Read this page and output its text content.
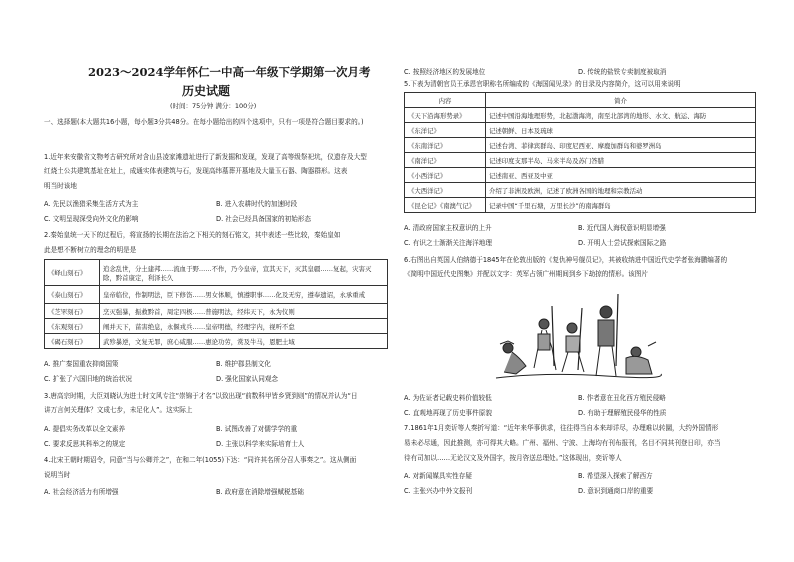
2023～2024学年怀仁一中高一年级下学期第一次月考
历史试题
(时间：75分钟 满分：100分)
一、选择题(本大题共16小题，每小题3分共48分。在每小题给出的四个选项中，只有一项是符合题目要求的。)
1.近年来安徽省文物考古研究所对含山县凌家滩遗址进行了新发掘和发现，发现了高等级祭祀坑，仪遗存及大型
红烧土公共建筑基址在址上，成通实体表建筑与石，发现高纬墓葬开墓地及大量玉石器、陶器群形。这表
明当时该地
A. 先民以渔猎采集生活方式为主	B. 进入农耕时代的加速时段
C. 文明呈现深受向外文化的影响	D. 社会已经具备国家的初始形态
2.秦始皇统一天下的过程后，将宣扬的长期在法治之下相关的刻石铭文，其中表述一些比较，秦始皇如
此是想不断树立的理念的明是是
《峄山刻石》	追念乱世，分土建邦……流血于野……不作，乃今皇帝，宣其天下，灭其皇疆……复起，灾害灭除，黔首康定，利泽长久
《泰山刻石》	皇帝临位，作制明法，臣下修饬……男女体顺，慎遵职事……化及无穷，遵奉遗诏，永承重戒
《芝罘刻石》	烹灭强暴，振救黔首，周定四极……普施明法，经纬天下，永为仪则
《东观刻石》	阐并天下，菑害绝息，永偃戎兵……皇帝明德，经理宇内，视听不怠
《碣石刻石》	武殄暴逆，文复无罪，庶心咸服……惠论功劳，赏及牛马，恩肥土域
A. 推广秦国重农抑商国策	B. 维护郡县制文化
C. 扩张了六国旧地的统治状况	D. 强化国家认同观念
3.唐高宗时期，大臣刘晓认为进士时文风专注“崇锦于才名”以致出现“前数科甲皆乡贤到则”的情况并认为“日
讲万言何关理体？文成七步，未足化人”。这实际上
A. 提倡实务改革以全文素养	B. 试图改善了对儒学学的重
C. 要求反思其科举之的规定	D. 主张以科学来实际培育士人
4.北宋王朝时期诏令，同意“当与公卿并之”，在和二年(1055)下达：“同许其名所分召人事奏之”。这从侧面
说明当时
A. 社会经济活力有所增强	B. 政府意在消除增强赋税基础
C. 按照经济地区的发展地位	D. 传统的盐铁专卖制度被取消
5.下表为清朝官员王承恩官职称名所编成的《海国闻见录》的目录及内容简介，这可以用来说明
内容	简介
《天下沿海形势录》	记述中国沿海地理形势，北起渤海湾，南至北部湾的地形、水文、航运、海防
《东洋记》	记述朝鲜、日本及琉球
《东南洋记》	记述台湾、菲律宾群岛、印度尼西亚、摩鹿加群岛和婆罗洲岛
《南洋记》	记述印度支那半岛、马来半岛及苏门答腊
《小西洋记》	记述南亚、西亚及中亚
《大西洋记》	介绍了非洲及欧洲，记述了欧洲各国的地理和宗教活动
《昆仑记》《南澳气记》	记录中国“千里石塘，万里长沙”的南海群岛
A. 清政府国家主权意识的上升	B. 近代国人海权意识明显增强
C. 有识之士渐渐关注海洋地理	D. 开明人士尝试探索国际之路
6.右图出自英国人伯纳德于1845年在伦敦出版的《复仇神号舰员记》，其被收纳进中国近代史学者张海鹏编著的
《简明中国近代史图集》并配以文字：英军占领广州期间到乡下劫掠的情形。该图片
A. 为佐证者记载史料价值较低	B. 作者意在丑化西方殖民侵略
C. 直观地再现了历史事件原貌	D. 有助于理解殖民侵华的性质
7.1861年1月奕䜣等人奏折写道：“近年来华事供求，往往得当自本来却详尽，办理难以转圜，大约外国情形
易未必尽通，因此推测，亦可得其大略。广州、福州、宁波、上海均有刊布报刊，名目不同其刊登日印，亦当
待有司加以……无论汉文及外国字，按月咨送总理处。”这体现出，奕䜣等人
A. 对新闻媒具实性存疑	B. 希望深入探索了解西方
C. 主张兴办中外文报刊	D. 意识到通商口岸的重要
